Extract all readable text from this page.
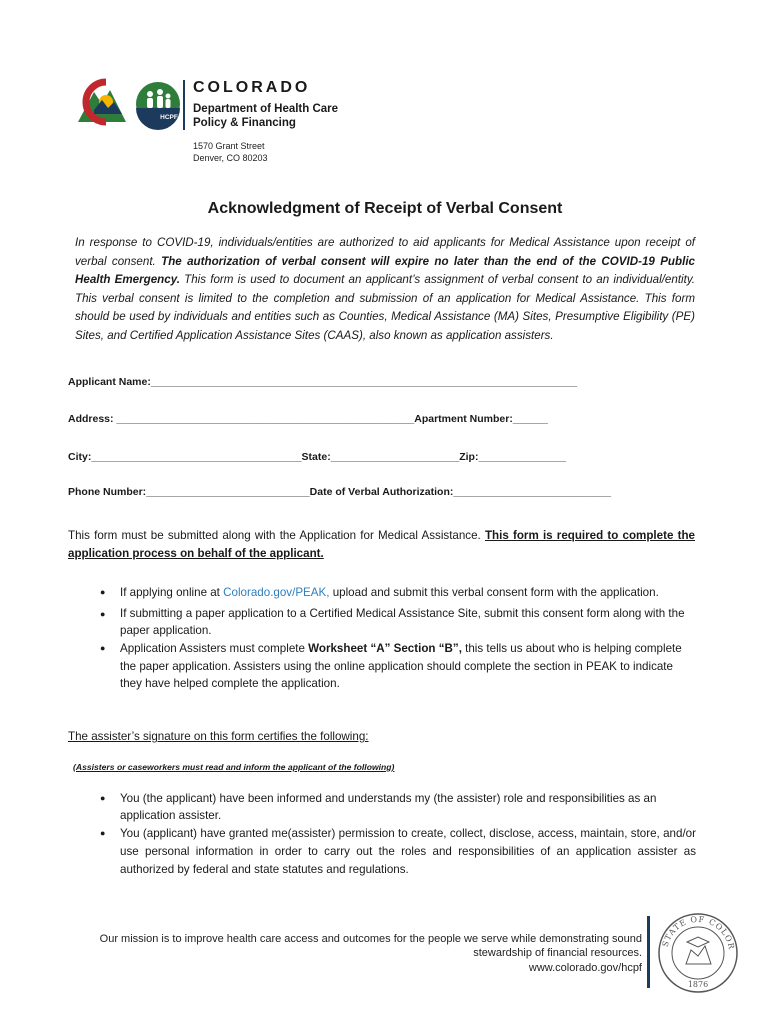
HCPF
COLORADO
Department of Health Care
Policy & Financing
1570 Grant Street
Denver, CO 80203
Acknowledgment of Receipt of Verbal Consent
In response to COVID-19, individuals/entities are authorized to aid applicants for Medical Assistance upon receipt of verbal consent. The authorization of verbal consent will expire no later than the end of the COVID-19 Public Health Emergency. This form is used to document an applicant’s assignment of verbal consent to an individual/entity. This verbal consent is limited to the completion and submission of an application for Medical Assistance. This form should be used by individuals and entities such as Counties, Medical Assistance (MA) Sites, Presumptive Eligibility (PE) Sites, and Certified Application Assistance Sites (CAAS), also known as application assisters.
Applicant Name:_________________________________________________________________________
Address: ___________________________________________________Apartment Number:______
City:____________________________________State:______________________Zip:_______________
Phone Number:____________________________Date of Verbal Authorization:___________________________
This form must be submitted along with the Application for Medical Assistance. This form is required to complete the application process on behalf of the applicant.
● If applying online at Colorado.gov/PEAK, upload and submit this verbal consent form with the application.
● If submitting a paper application to a Certified Medical Assistance Site, submit this consent form along with the paper application.
● Application Assisters must complete Worksheet “A” Section “B”, this tells us about who is helping complete the paper application. Assisters using the online application should complete the section in PEAK to indicate they have helped complete the application.
The assister’s signature on this form certifies the following:
(Assisters or caseworkers must read and inform the applicant of the following)
● You (the applicant) have been informed and understands my (the assister) role and responsibilities as an application assister.
● You (applicant) have granted me(assister) permission to create, collect, disclose, access, maintain, store, and/or use personal information in order to carry out the roles and responsibilities of an application assister as authorized by federal and state statutes and regulations.
Our mission is to improve health care access and outcomes for the people we serve while demonstrating sound
stewardship of financial resources.
www.colorado.gov/hcpf
STATE OF COLOR
1876
